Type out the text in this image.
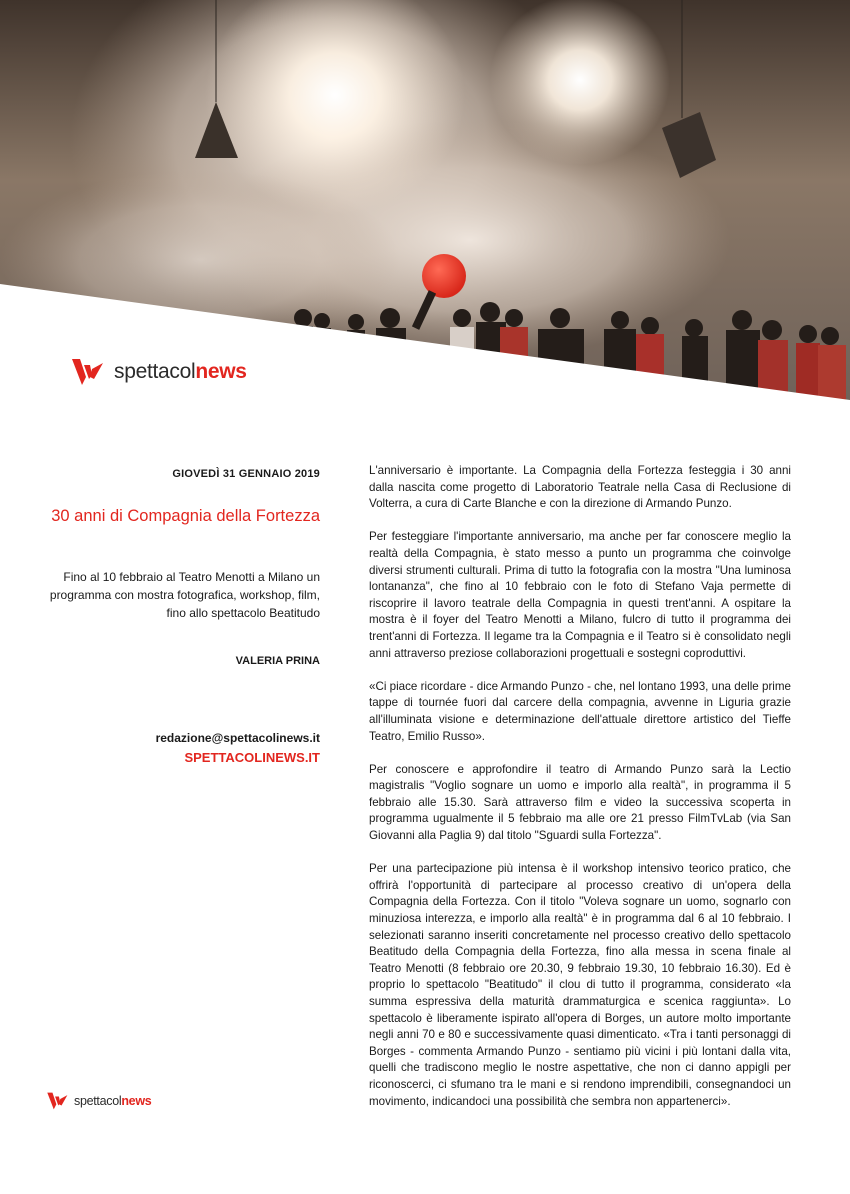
spettacolnews
GIOVEDÌ 31 GENNAIO 2019
30 anni di Compagnia della Fortezza
Fino al 10 febbraio al Teatro Menotti a Milano un programma con mostra fotografica, workshop, film, fino allo spettacolo Beatitudo
VALERIA PRINA
redazione@spettacolinews.it
SPETTACOLINEWS.IT

L'anniversario è importante. La Compagnia della Fortezza festeggia i 30 anni dalla nascita come progetto di Laboratorio Teatrale nella Casa di Reclusione di Volterra, a cura di Carte Blanche e con la direzione di Armando Punzo.

Per festeggiare l'importante anniversario, ma anche per far conoscere meglio la realtà della Compagnia, è stato messo a punto un programma che coinvolge diversi strumenti culturali. Prima di tutto la fotografia con la mostra "Una luminosa lontananza", che fino al 10 febbraio con le foto di Stefano Vaja permette di riscoprire il lavoro teatrale della Compagnia in questi trent'anni. A ospitare la mostra è il foyer del Teatro Menotti a Milano, fulcro di tutto il programma dei trent'anni di Fortezza. Il legame tra la Compagnia e il Teatro si è consolidato negli anni attraverso preziose collaborazioni progettuali e sostegni coproduttivi.

«Ci piace ricordare - dice Armando Punzo - che, nel lontano 1993, una delle prime tappe di tournée fuori dal carcere della compagnia, avvenne in Liguria grazie all'illuminata visione e determinazione dell'attuale direttore artistico del Tieffe Teatro, Emilio Russo».

Per conoscere e approfondire il teatro di Armando Punzo sarà la Lectio magistralis "Voglio sognare un uomo e imporlo alla realtà", in programma il 5 febbraio alle 15.30. Sarà attraverso film e video la successiva scoperta in programma ugualmente il 5 febbraio ma alle ore 21 presso FilmTvLab (via San Giovanni alla Paglia 9) dal titolo "Sguardi sulla Fortezza".

Per una partecipazione più intensa è il workshop intensivo teorico pratico, che offrirà l'opportunità di partecipare al processo creativo di un'opera della Compagnia della Fortezza. Con il titolo "Voleva sognare un uomo, sognarlo con minuziosa interezza, e imporlo alla realtà" è in programma dal 6 al 10 febbraio. I selezionati saranno inseriti concretamente nel processo creativo dello spettacolo Beatitudo della Compagnia della Fortezza, fino alla messa in scena finale al Teatro Menotti (8 febbraio ore 20.30, 9 febbraio 19.30, 10 febbraio 16.30). Ed è proprio lo spettacolo "Beatitudo" il clou di tutto il programma, considerato «la summa espressiva della maturità drammaturgica e scenica raggiunta». Lo spettacolo è liberamente ispirato all'opera di Borges, un autore molto importante negli anni 70 e 80 e successivamente quasi dimenticato. «Tra i tanti personaggi di Borges - commenta Armando Punzo - sentiamo più vicini i più lontani dalla vita, quelli che tradiscono meglio le nostre aspettative, che non ci danno appigli per riconoscerci, ci sfumano tra le mani e si rendono imprendibili, consegnandoci un movimento, indicandoci una possibilità che sembra non appartenerci».

spettacolnews
